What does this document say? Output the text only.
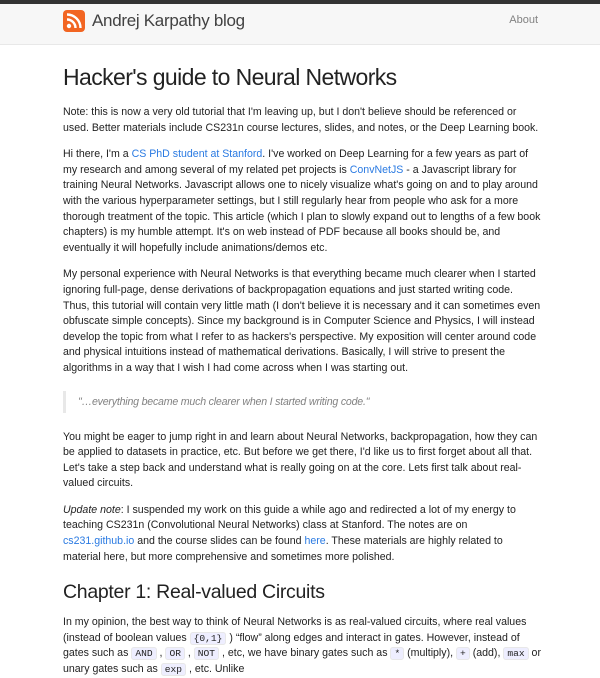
Andrej Karpathy blog	About
Hacker's guide to Neural Networks

Note: this is now a very old tutorial that I'm leaving up, but I don't believe should be referenced or used. Better materials include CS231n course lectures, slides, and notes, or the Deep Learning book.

Hi there, I'm a CS PhD student at Stanford. I've worked on Deep Learning for a few years as part of my research and among several of my related pet projects is ConvNetJS - a Javascript library for training Neural Networks. Javascript allows one to nicely visualize what's going on and to play around with the various hyperparameter settings, but I still regularly hear from people who ask for a more thorough treatment of the topic. This article (which I plan to slowly expand out to lengths of a few book chapters) is my humble attempt. It's on web instead of PDF because all books should be, and eventually it will hopefully include animations/demos etc.

My personal experience with Neural Networks is that everything became much clearer when I started ignoring full-page, dense derivations of backpropagation equations and just started writing code. Thus, this tutorial will contain very little math (I don't believe it is necessary and it can sometimes even obfuscate simple concepts). Since my background is in Computer Science and Physics, I will instead develop the topic from what I refer to as hackers's perspective. My exposition will center around code and physical intuitions instead of mathematical derivations. Basically, I will strive to present the algorithms in a way that I wish I had come across when I was starting out.

"…everything became much clearer when I started writing code."

You might be eager to jump right in and learn about Neural Networks, backpropagation, how they can be applied to datasets in practice, etc. But before we get there, I'd like us to first forget about all that. Let's take a step back and understand what is really going on at the core. Lets first talk about real-valued circuits.

Update note: I suspended my work on this guide a while ago and redirected a lot of my energy to teaching CS231n (Convolutional Neural Networks) class at Stanford. The notes are on cs231.github.io and the course slides can be found here. These materials are highly related to material here, but more comprehensive and sometimes more polished.

Chapter 1: Real-valued Circuits

In my opinion, the best way to think of Neural Networks is as real-valued circuits, where real values (instead of boolean values {0,1} ) “flow” along edges and interact in gates. However, instead of gates such as AND , OR , NOT , etc, we have binary gates such as * (multiply), + (add), max or unary gates such as exp , etc. Unlike
